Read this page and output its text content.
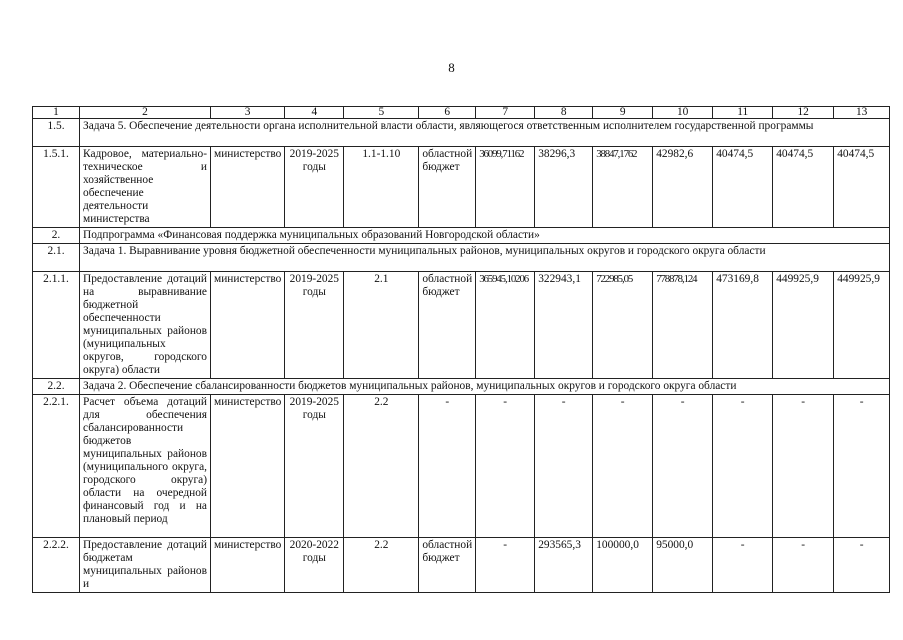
8
1	2	3	4	5	6	7	8	9	10	11	12	13
1.5.	Задача 5. Обеспечение деятельности органа исполнительной власти области, являющегося ответственным исполнителем государственной программы											
1.5.1.	Кадровое, материально-техническое и хозяйственное обеспечение деятельности министерства	министерство	2019-2025 годы	1.1-1.10	областной бюджет	36099,71162	38296,3	38847,1762	42982,6	40474,5	40474,5	40474,5
2.	Подпрограмма «Финансовая поддержка муниципальных образований Новгородской области»											
2.1.	Задача 1. Выравнивание уровня бюджетной обеспеченности муниципальных районов, муниципальных округов и городского округа области											
2.1.1.	Предоставление дотаций на выравнивание бюджетной обеспеченности муниципальных районов (муниципальных округов, городского округа) области	министерство	2019-2025 годы	2.1	областной бюджет	365945,10206	322943,1	722985,05	778878,124	473169,8	449925,9	449925,9
2.2.	Задача 2. Обеспечение сбалансированности бюджетов муниципальных районов, муниципальных округов и городского округа области											
2.2.1.	Расчет объема дотаций для обеспечения сбалансированности бюджетов муниципальных районов (муниципального округа, городского округа) области на очередной финансовый год и на плановый период	министерство	2019-2025 годы	2.2	-	-	-	-	-	-	-	-
2.2.2.	Предоставление дотаций бюджетам муниципальных районов и	министерство	2020-2022 годы	2.2	областной бюджет	-	293565,3	100000,0	95000,0	-	-	-
